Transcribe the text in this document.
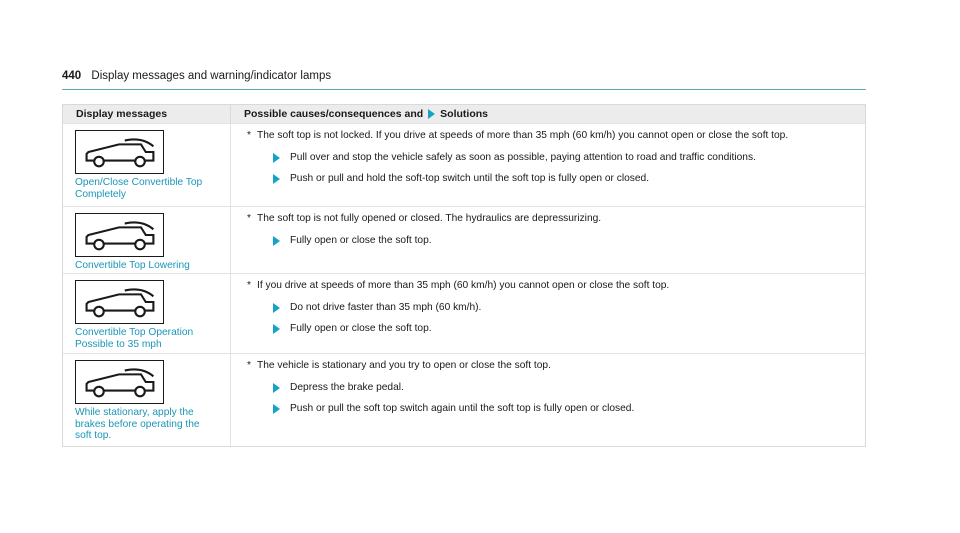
440 Display messages and warning/indicator lamps
Display messages	Possible causes/consequences and Solutions
Open/Close Convertible Top Completely
* The soft top is not locked. If you drive at speeds of more than 35 mph (60 km/h) you cannot open or close the soft top.
Pull over and stop the vehicle safely as soon as possible, paying attention to road and traffic conditions.
Push or pull and hold the soft-top switch until the soft top is fully open or closed.
Convertible Top Lowering
* The soft top is not fully opened or closed. The hydraulics are depressurizing.
Fully open or close the soft top.
Convertible Top Operation Possible to 35 mph
* If you drive at speeds of more than 35 mph (60 km/h) you cannot open or close the soft top.
Do not drive faster than 35 mph (60 km/h).
Fully open or close the soft top.
While stationary, apply the brakes before operating the soft top.
* The vehicle is stationary and you try to open or close the soft top.
Depress the brake pedal.
Push or pull the soft top switch again until the soft top is fully open or closed.
